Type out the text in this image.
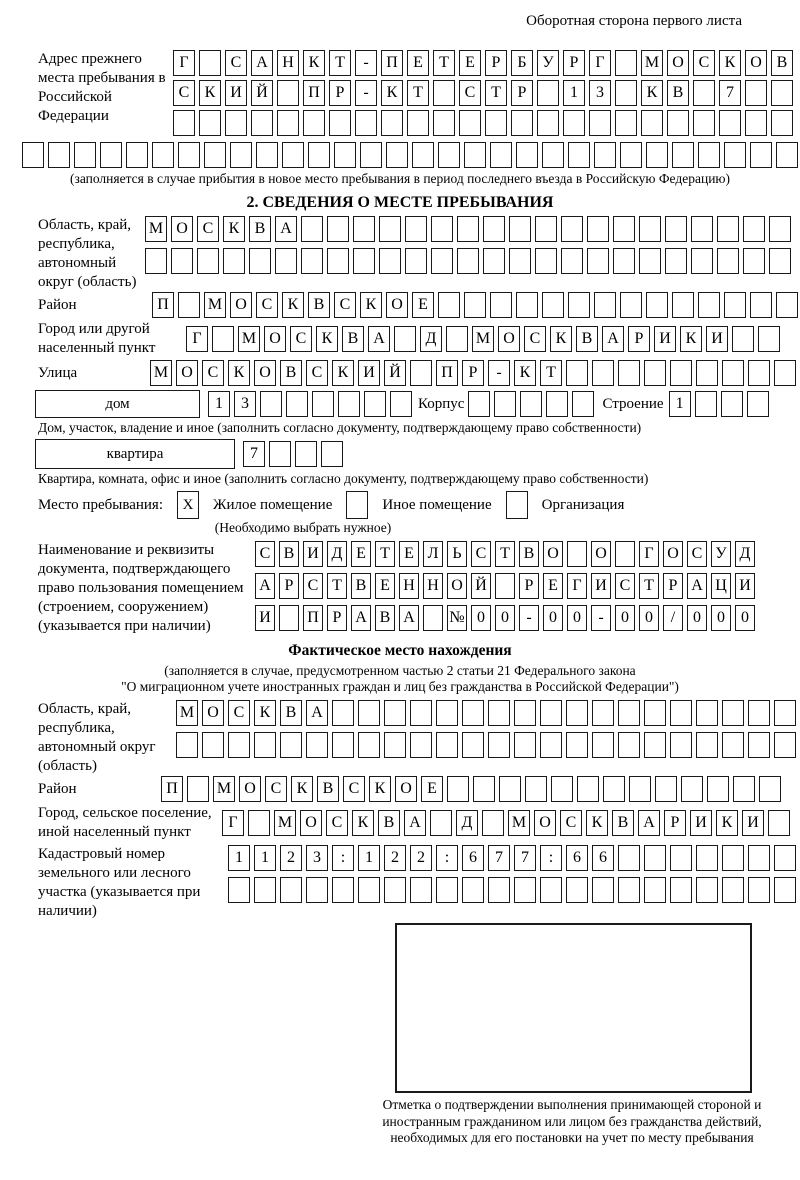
Оборотная сторона первого листа
Адрес прежнего места пребывания в Российской Федерации
Г	С А Н К Т	-	П Е	Т	Е	Р	Б У Р	Г	М О С К О В
С К И Й	П Р	-	К Т	С Т	Р	1	3	К В	7
(заполняется в случае прибытия в новое место пребывания в период последнего въезда в Российскую Федерацию)
2. СВЕДЕНИЯ О МЕСТЕ ПРЕБЫВАНИЯ
Область, край, республика, автономный округ (область)
М О С К В А
Район	П	М О С К В С К О Е
Город или другой населенный пункт
Г	М О С К В А	Д	М О С К В А Р И К И
Улица	М О С К О В С К И Й	П Р	-	К Т
дом	1	3	Корпус	Строение 1
Дом, участок, владение и иное (заполнить согласно документу, подтверждающему право собственности)
квартира	7
Квартира, комната, офис и иное (заполнить согласно документу, подтверждающему право собственности)
Место пребывания:	X	Жилое помещение	Иное помещение	Организация
(Необходимо выбрать нужное)
Наименование и реквизиты документа, подтверждающего право пользования помещением (строением, сооружением) (указывается при наличии)
С В И Д Е Т Е Л Ь С Т В О О	Г О С У Д
А Р С Т В Е Н Н О Й	Р Е Г И С Т Р А Ц И
И П Р А В А № 0	0	-	0	0	-	0	0	/	0	0	0
Фактическое место нахождения
(заполняется в случае, предусмотренном частью 2 статьи 21 Федерального закона
"О миграционном учете иностранных граждан и лиц без гражданства в Российской Федерации")
Область, край, республика, автономный округ (область)
М О С К В А
Район	П	М О С К В С К О Е
Город, сельское поселение, иной населенный пункт
Г	М О С К В А	Д	М О С К В А Р И К И
Кадастровый номер земельного или лесного участка (указывается при наличии)
1	1	2	3	:	1	2	2	:	6	7	7	:	6	6
Отметка о подтверждении выполнения принимающей стороной и иностранным гражданином или лицом без гражданства действий, необходимых для его постановки на учет по месту пребывания
